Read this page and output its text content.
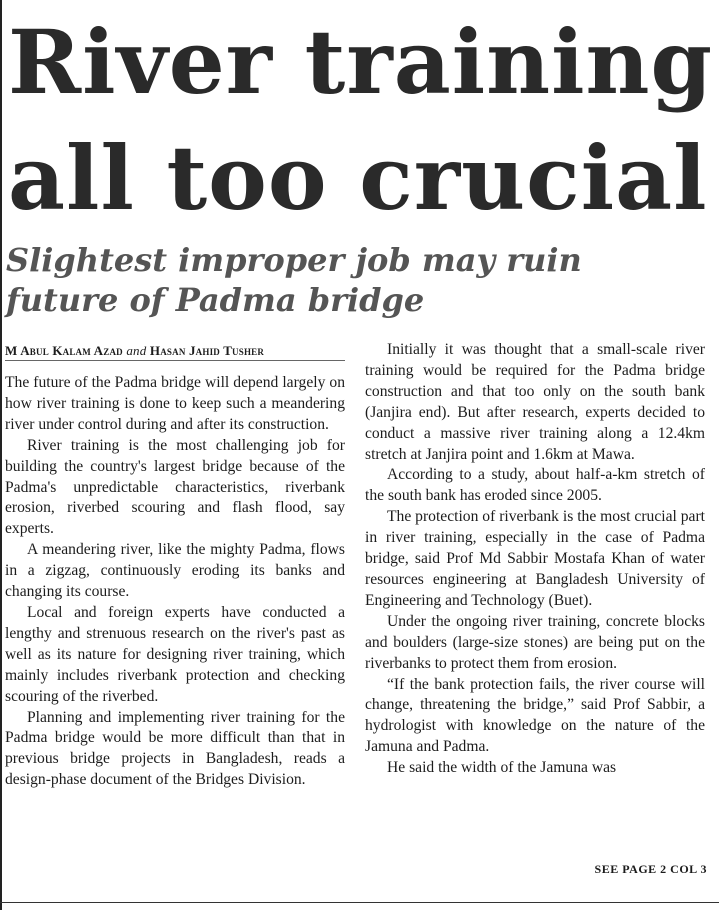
River training
all too crucial
Slightest improper job may ruin
future of Padma bridge
M Abul Kalam Azad and Hasan Jahid Tusher

The future of the Padma bridge will depend largely on how river training is done to keep such a meandering river under control during and after its construction.

River training is the most challenging job for building the country's largest bridge because of the Padma's unpredictable characteristics, riverbank erosion, riverbed scouring and flash flood, say experts.

A meandering river, like the mighty Padma, flows in a zigzag, continuously eroding its banks and changing its course.

Local and foreign experts have conducted a lengthy and strenuous research on the river's past as well as its nature for designing river training, which mainly includes riverbank protection and checking scouring of the riverbed.

Planning and implementing river training for the Padma bridge would be more difficult than that in previous bridge projects in Bangladesh, reads a design-phase document of the Bridges Division.

Initially it was thought that a small-scale river training would be required for the Padma bridge construction and that too only on the south bank (Janjira end). But after research, experts decided to conduct a massive river training along a 12.4km stretch at Janjira point and 1.6km at Mawa.

According to a study, about half-a-km stretch of the south bank has eroded since 2005.

The protection of riverbank is the most crucial part in river training, especially in the case of Padma bridge, said Prof Md Sabbir Mostafa Khan of water resources engineering at Bangladesh University of Engineering and Technology (Buet).

Under the ongoing river training, concrete blocks and boulders (large-size stones) are being put on the riverbanks to protect them from erosion.

“If the bank protection fails, the river course will change, threatening the bridge,” said Prof Sabbir, a hydrologist with knowledge on the nature of the Jamuna and Padma.

He said the width of the Jamuna was

SEE PAGE 2 COL 3
